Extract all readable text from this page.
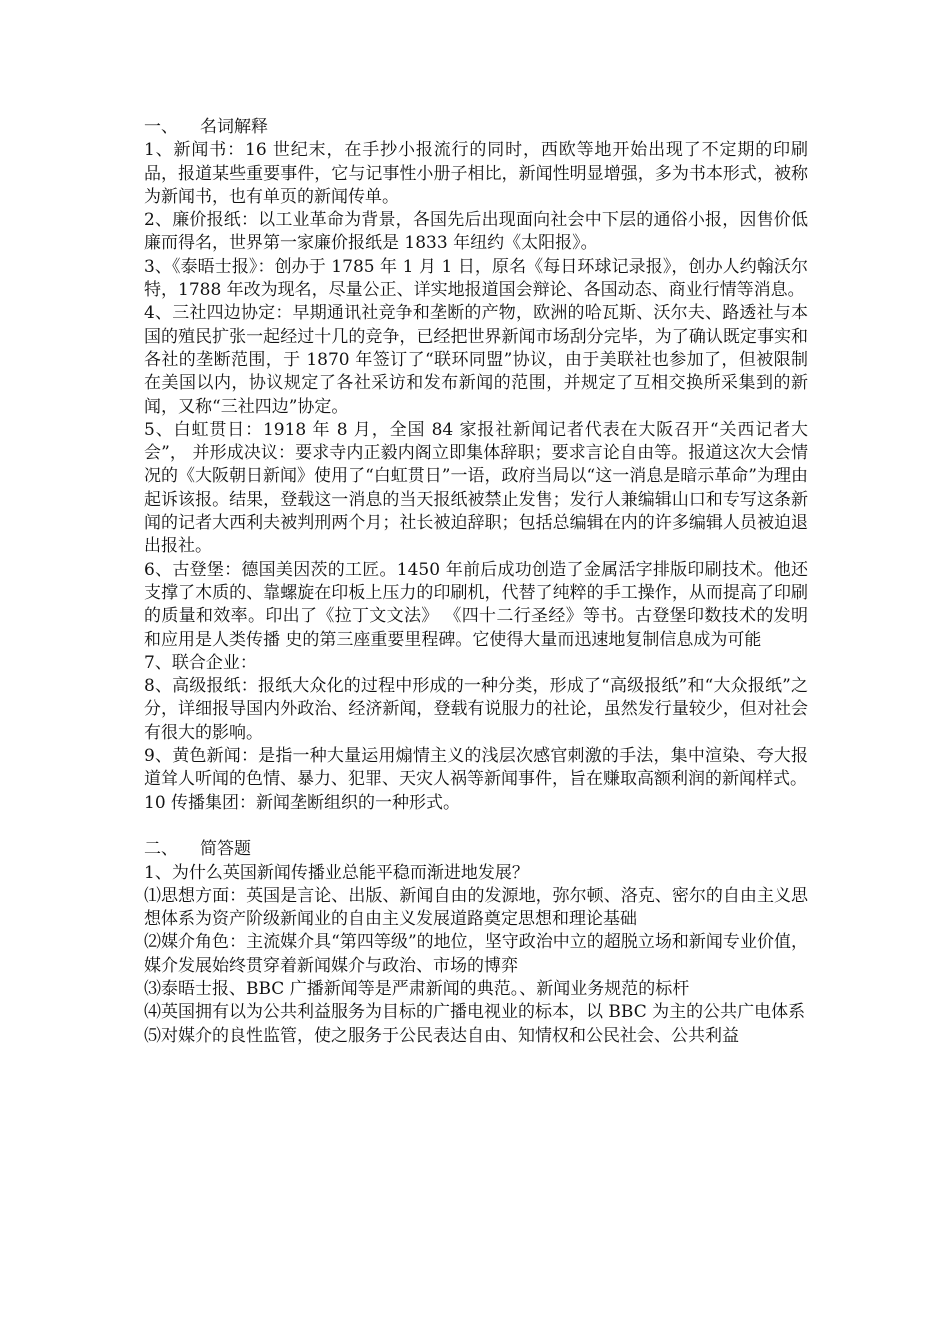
一、 名词解释

1、新闻书：16 世纪末，在手抄小报流行的同时，西欧等地开始出现了不定期的印刷品，报道某些重要事件，它与记事性小册子相比，新闻性明显增强，多为书本形式，被称为新闻书，也有单页的新闻传单。

2、廉价报纸：以工业革命为背景，各国先后出现面向社会中下层的通俗小报，因售价低廉而得名，世界第一家廉价报纸是 1833 年纽约《太阳报》。

3、《泰晤士报》：创办于 1785 年 1 月 1 日，原名《每日环球记录报》，创办人约翰沃尔特，1788 年改为现名，尽量公正、详实地报道国会辩论、各国动态、商业行情等消息。

4、三社四边协定：早期通讯社竞争和垄断的产物，欧洲的哈瓦斯、沃尔夫、路透社与本国的殖民扩张一起经过十几的竞争，已经把世界新闻市场刮分完毕，为了确认既定事实和各社的垄断范围，于 1870 年签订了“联环同盟”协议，由于美联社也参加了，但被限制在美国以内，协议规定了各社采访和发布新闻的范围，并规定了互相交换所采集到的新闻，又称“三社四边”协定。

5、白虹贯日：1918 年 8 月，全国 84 家报社新闻记者代表在大阪召开“关西记者大会”， 并形成决议：要求寺内正毅内阁立即集体辞职；要求言论自由等。报道这次大会情况的《大阪朝日新闻》使用了“白虹贯日”一语，政府当局以“这一消息是暗示革命”为理由起诉该报。结果，登载这一消息的当天报纸被禁止发售；发行人兼编辑山口和专写这条新闻的记者大西利夫被判刑两个月；社长被迫辞职；包括总编辑在内的许多编辑人员被迫退出报社。

6、古登堡：德国美因茨的工匠。1450 年前后成功创造了金属活字排版印刷技术。他还支撑了木质的、靠螺旋在印板上压力的印刷机，代替了纯粹的手工操作，从而提高了印刷的质量和效率。印出了《拉丁文文法》 《四十二行圣经》等书。古登堡印数技术的发明和应用是人类传播 史的第三座重要里程碑。它使得大量而迅速地复制信息成为可能

7、联合企业：

8、高级报纸：报纸大众化的过程中形成的一种分类，形成了“高级报纸”和“大众报纸”之分，详细报导国内外政治、经济新闻，登载有说服力的社论，虽然发行量较少，但对社会有很大的影响。

9、黄色新闻：是指一种大量运用煽情主义的浅层次感官刺激的手法，集中渲染、夸大报道耸人听闻的色情、暴力、犯罪、天灾人祸等新闻事件，旨在赚取高额利润的新闻样式。

10 传播集团：新闻垄断组织的一种形式。

二、 简答题

1、为什么英国新闻传播业总能平稳而渐进地发展？

⑴思想方面：英国是言论、出版、新闻自由的发源地，弥尔顿、洛克、密尔的自由主义思想体系为资产阶级新闻业的自由主义发展道路奠定思想和理论基础

⑵媒介角色：主流媒介具“第四等级”的地位，坚守政治中立的超脱立场和新闻专业价值，媒介发展始终贯穿着新闻媒介与政治、市场的博弈

⑶泰晤士报、BBC 广播新闻等是严肃新闻的典范。、新闻业务规范的标杆

⑷英国拥有以为公共利益服务为目标的广播电视业的标本，以 BBC 为主的公共广电体系

⑸对媒介的良性监管，使之服务于公民表达自由、知情权和公民社会、公共利益
